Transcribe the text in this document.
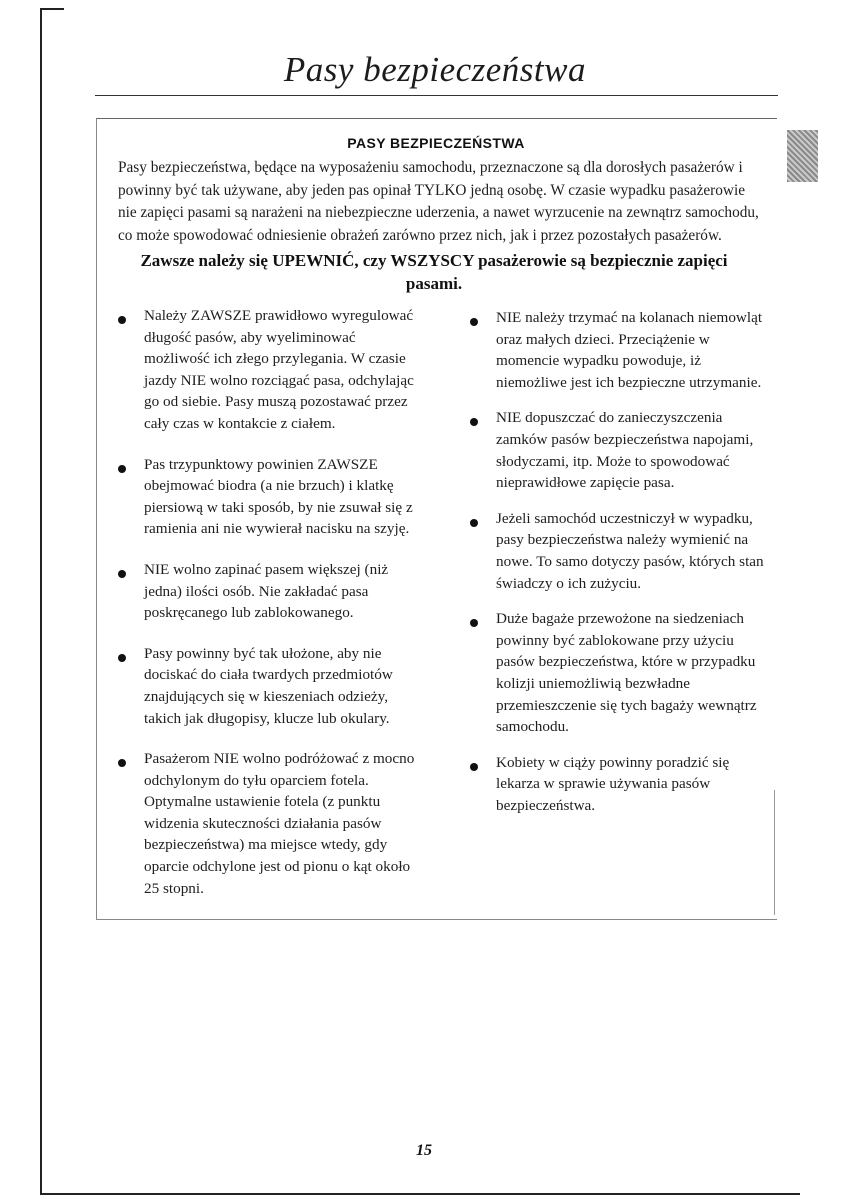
Pasy bezpieczeństwa
PASY BEZPIECZEŃSTWA
Pasy bezpieczeństwa, będące na wyposażeniu samochodu, przeznaczone są dla dorosłych pasażerów i powinny być tak używane, aby jeden pas opinał TYLKO jedną osobę. W czasie wypadku pasażerowie nie zapięci pasami są narażeni na niebezpieczne uderzenia, a nawet wyrzucenie na zewnątrz samochodu, co może spowodować odniesienie obrażeń zarówno przez nich, jak i przez pozostałych pasażerów.
Zawsze należy się UPEWNIĆ, czy WSZYSCY pasażerowie są bezpiecznie zapięci pasami.
Należy ZAWSZE prawidłowo wyregulować długość pasów, aby wyeliminować możliwość ich złego przylegania. W czasie jazdy NIE wolno rozciągać pasa, odchylając go od siebie. Pasy muszą pozostawać przez cały czas w kontakcie z ciałem.
Pas trzypunktowy powinien ZAWSZE obejmować biodra (a nie brzuch) i klatkę piersiową w taki sposób, by nie zsuwał się z ramienia ani nie wywierał nacisku na szyję.
NIE wolno zapinać pasem większej (niż jedna) ilości osób. Nie zakładać pasa poskręcanego lub zablokowanego.
Pasy powinny być tak ułożone, aby nie dociskać do ciała twardych przedmiotów znajdujących się w kieszeniach odzieży, takich jak długopisy, klucze lub okulary.
Pasażerom NIE wolno podróżować z mocno odchylonym do tyłu oparciem fotela. Optymalne ustawienie fotela (z punktu widzenia skuteczności działania pasów bezpieczeństwa) ma miejsce wtedy, gdy oparcie odchylone jest od pionu o kąt około 25 stopni.
NIE należy trzymać na kolanach niemowląt oraz małych dzieci. Przeciążenie w momencie wypadku powoduje, iż niemożliwe jest ich bezpieczne utrzymanie.
NIE dopuszczać do zanieczyszczenia zamków pasów bezpieczeństwa napojami, słodyczami, itp. Może to spowodować nieprawidłowe zapięcie pasa.
Jeżeli samochód uczestniczył w wypadku, pasy bezpieczeństwa należy wymienić na nowe. To samo dotyczy pasów, których stan świadczy o ich zużyciu.
Duże bagaże przewożone na siedzeniach powinny być zablokowane przy użyciu pasów bezpieczeństwa, które w przypadku kolizji uniemożliwią bezwładne przemieszczenie się tych bagaży wewnątrz samochodu.
Kobiety w ciąży powinny poradzić się lekarza w sprawie używania pasów bezpieczeństwa.
15
